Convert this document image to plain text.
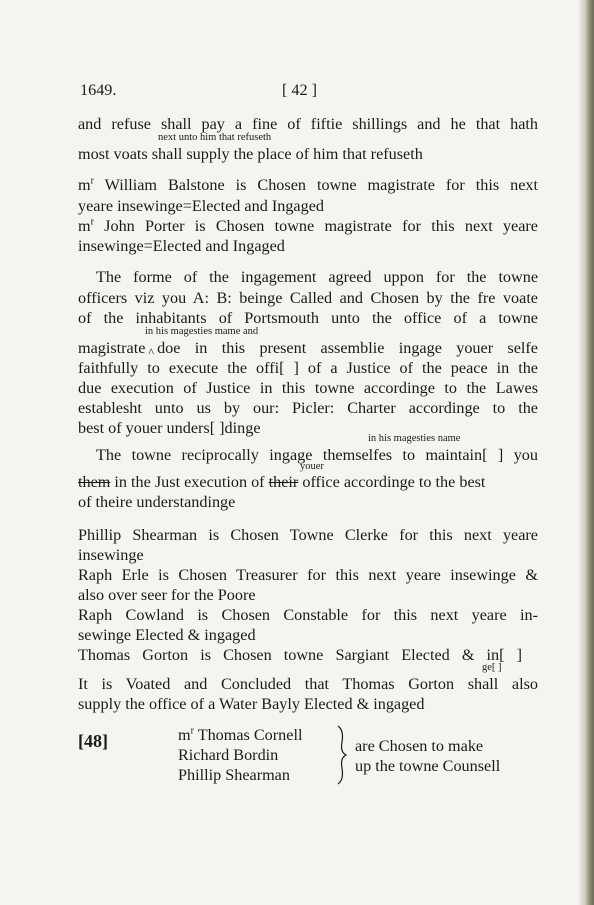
1649.	[ 42 ]
and refuse shall pay a fine of fiftie shillings and he that hath
next unto him that refuseth
most voats shall supply the place of him that refuseth
$m^r$ William Balstone is Chosen towne magistrate for this next
yeare insewinge=Elected and Ingaged
$m^r$ John Porter is Chosen towne magistrate for this next yeare
insewinge=Elected and Ingaged
The forme of the ingagement agreed uppon for the towne
officers viz you A: B: beinge Called and Chosen by the fre voate
of the inhabitants of Portsmouth unto the office of a towne
in his magesties mame and
magistrate ^ doe in this present assemblie ingage youer selfe
faithfully to execute the offi[ ] of a Justice of the peace in the
due execution of Justice in this towne accordinge to the Lawes
establesht unto us by our: Picler: Charter accordinge to the
best of youer unders[ ]dinge
in his magesties name
The towne reciprocally ingage themselfes to maintain[ ] you
youer
them in the Just execution of their office accordinge to the best
of theire understandinge
Phillip Shearman is Chosen Towne Clerke for this next yeare
insewinge
Raph Erle is Chosen Treasurer for this next yeare insewinge &
also over seer for the Poore
Raph Cowland is Chosen Constable for this next yeare in-
sewinge Elected & ingaged
Thomas Gorton is Chosen towne Sargiant Elected & in[ ]
ge[ ]
It is Voated and Concluded that Thomas Gorton shall also
supply the office of a Water Bayly Elected & ingaged
[48]	$m^r$ Thomas Cornell
Richard Bordin
Phillip Shearman
are Chosen to make
up the towne Counsell
